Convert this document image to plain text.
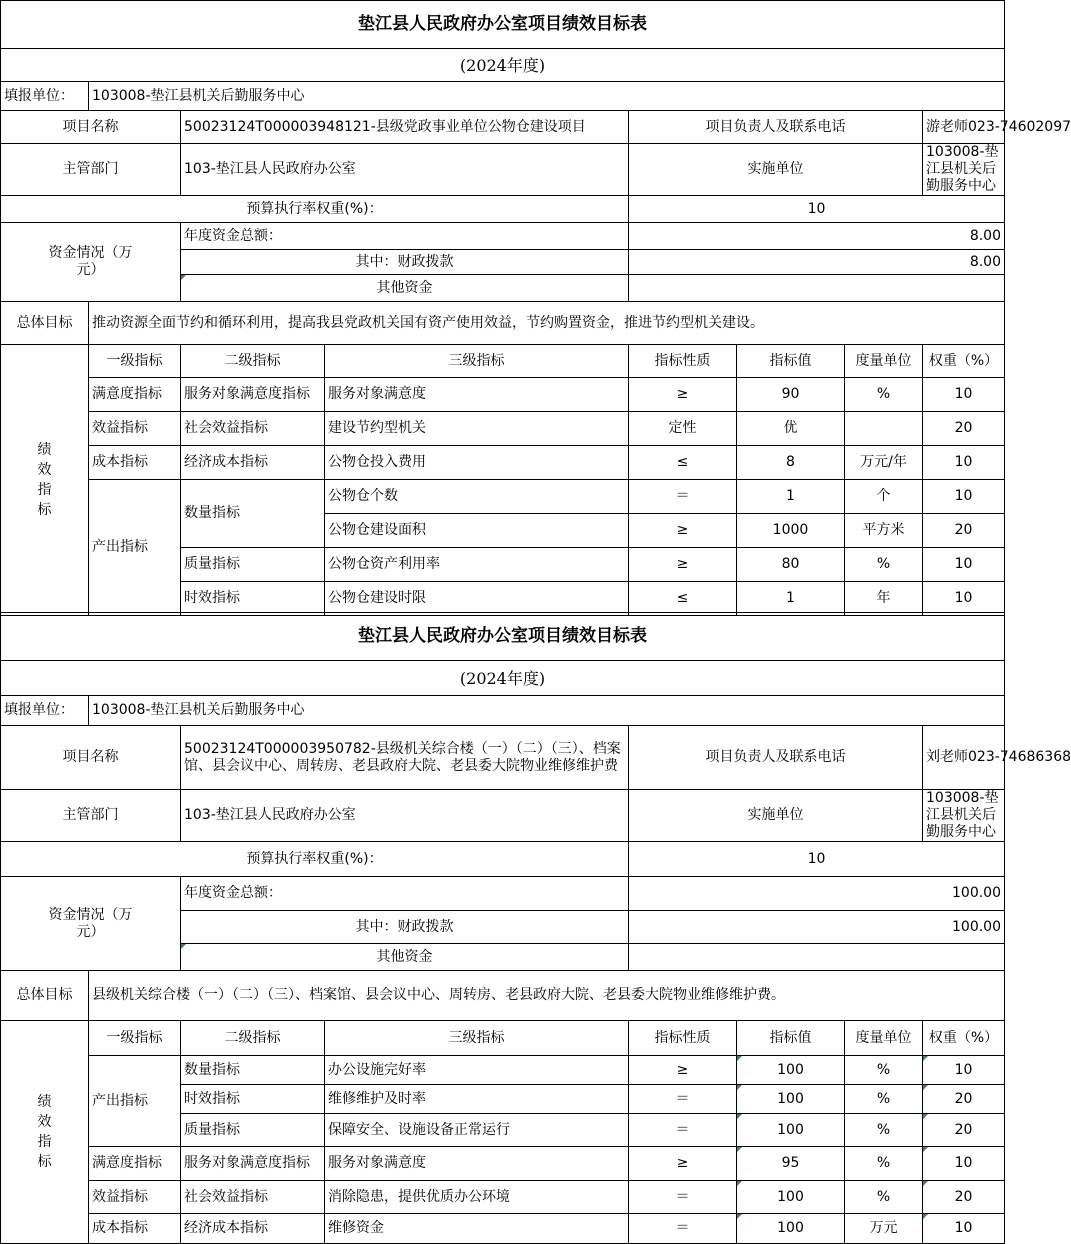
垫江县人民政府办公室项目绩效目标表							
(2024年度)							
填报单位：	103008-垫江县机关后勤服务中心						
项目名称		50023124T000003948121-县级党政事业单位公物仓建设项目		项目负责人及联系电话			游老师023-74602097
主管部门		103-垫江县人民政府办公室		实施单位			103008-垫江县机关后勤服务中心
预算执行率权重(%)：				10			
资金情况（万元）		年度资金总额：		8.00			
		其中：财政拨款		8.00			
		其他资金					
总体目标	推动资源全面节约和循环利用，提高我县党政机关国有资产使用效益，节约购置资金，推进节约型机关建设。						

绩效指标	一级指标	二级指标	三级指标	指标性质	指标值	度量单位	权重（%）
	满意度指标	服务对象满意度指标	服务对象满意度	≥	90	%	10
	效益指标	社会效益指标	建设节约型机关	定性	优		20
	成本指标	经济成本指标	公物仓投入费用	≤	8	万元/年	10
	产出指标	数量指标	公物仓个数	＝	1	个	10
			公物仓建设面积	≥	1000	平方米	20
		质量指标	公物仓资产利用率	≥	80	%	10
		时效指标	公物仓建设时限	≤	1	年	10
垫江县人民政府办公室项目绩效目标表							
(2024年度)							
填报单位：	103008-垫江县机关后勤服务中心						
项目名称		50023124T000003950782-县级机关综合楼（一）（二）（三）、档案馆、县会议中心、周转房、老县政府大院、老县委大院物业维修维护费		项目负责人及联系电话			刘老师023-74686368
主管部门		103-垫江县人民政府办公室		实施单位			103008-垫江县机关后勤服务中心
预算执行率权重(%)：				10			
资金情况（万元）		年度资金总额：		100.00			
		其中：财政拨款		100.00			
		其他资金					
总体目标	县级机关综合楼（一）（二）（三）、档案馆、县会议中心、周转房、老县政府大院、老县委大院物业维修维护费。						

绩效指标	一级指标	二级指标	三级指标	指标性质	指标值	度量单位	权重（%）
	产出指标	数量指标	办公设施完好率	≥	100	%	10
		时效指标	维修维护及时率	＝	100	%	20
		质量指标	保障安全、设施设备正常运行	＝	100	%	20
	满意度指标	服务对象满意度指标	服务对象满意度	≥	95	%	10
	效益指标	社会效益指标	消除隐患，提供优质办公环境	＝	100	%	20
	成本指标	经济成本指标	维修资金	＝	100	万元	10
